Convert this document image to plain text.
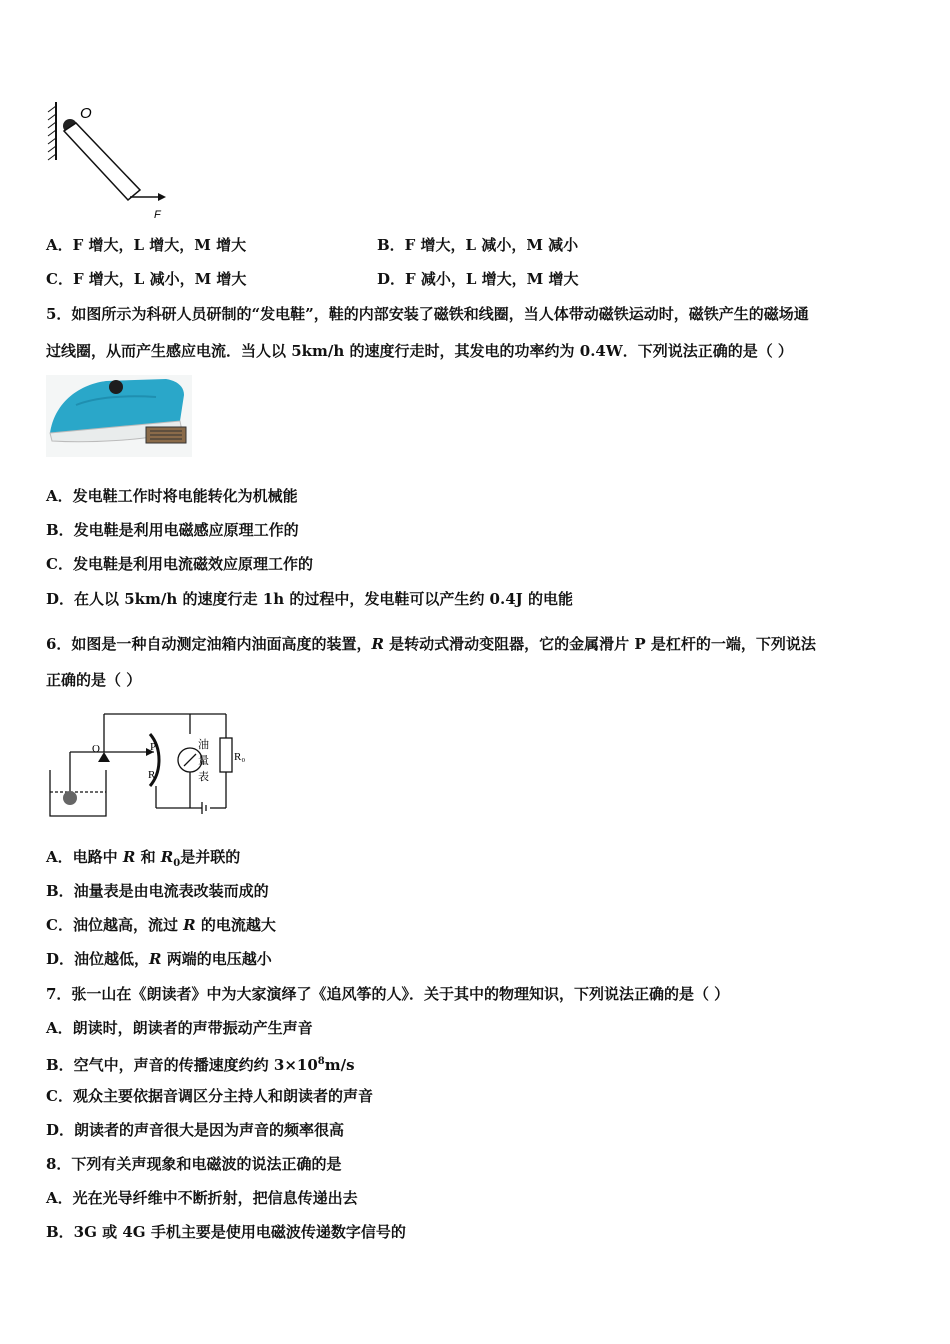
O
F
A．F 增大，L 增大，M 增大	B．F 增大，L 减小，M 减小
C．F 增大，L 减小，M 增大	D．F 减小，L 增大，M 增大
5．如图所示为科研人员研制的“发电鞋”，鞋的内部安装了磁铁和线圈，当人体带动磁铁运动时，磁铁产生的磁场通
过线圈，从而产生感应电流．当人以 5km/h 的速度行走时，其发电的功率约为 0.4W．下列说法正确的是（ ）
A．发电鞋工作时将电能转化为机械能
B．发电鞋是利用电磁感应原理工作的
C．发电鞋是利用电流磁效应原理工作的
D．在人以 5km/h 的速度行走 1h 的过程中，发电鞋可以产生约 0.4J 的电能
6．如图是一种自动测定油箱内油面高度的装置，R 是转动式滑动变阻器，它的金属滑片 P 是杠杆的一端，下列说法
正确的是（ ）
O	P
R
R₀
油
量
表
A．电路中 R 和 $R_0$是并联的
B．油量表是由电流表改装而成的
C．油位越高，流过 R 的电流越大
D．油位越低，R 两端的电压越小
7．张一山在《朗读者》中为大家演绎了《追风筝的人》．关于其中的物理知识，下列说法正确的是（ ）
A．朗读时，朗读者的声带振动产生声音
B．空气中，声音的传播速度约约 $3\times 10^8m/s$
C．观众主要依据音调区分主持人和朗读者的声音
D．朗读者的声音很大是因为声音的频率很高
8．下列有关声现象和电磁波的说法正确的是
A．光在光导纤维中不断折射，把信息传递出去
B．3G 或 4G 手机主要是使用电磁波传递数字信号的
